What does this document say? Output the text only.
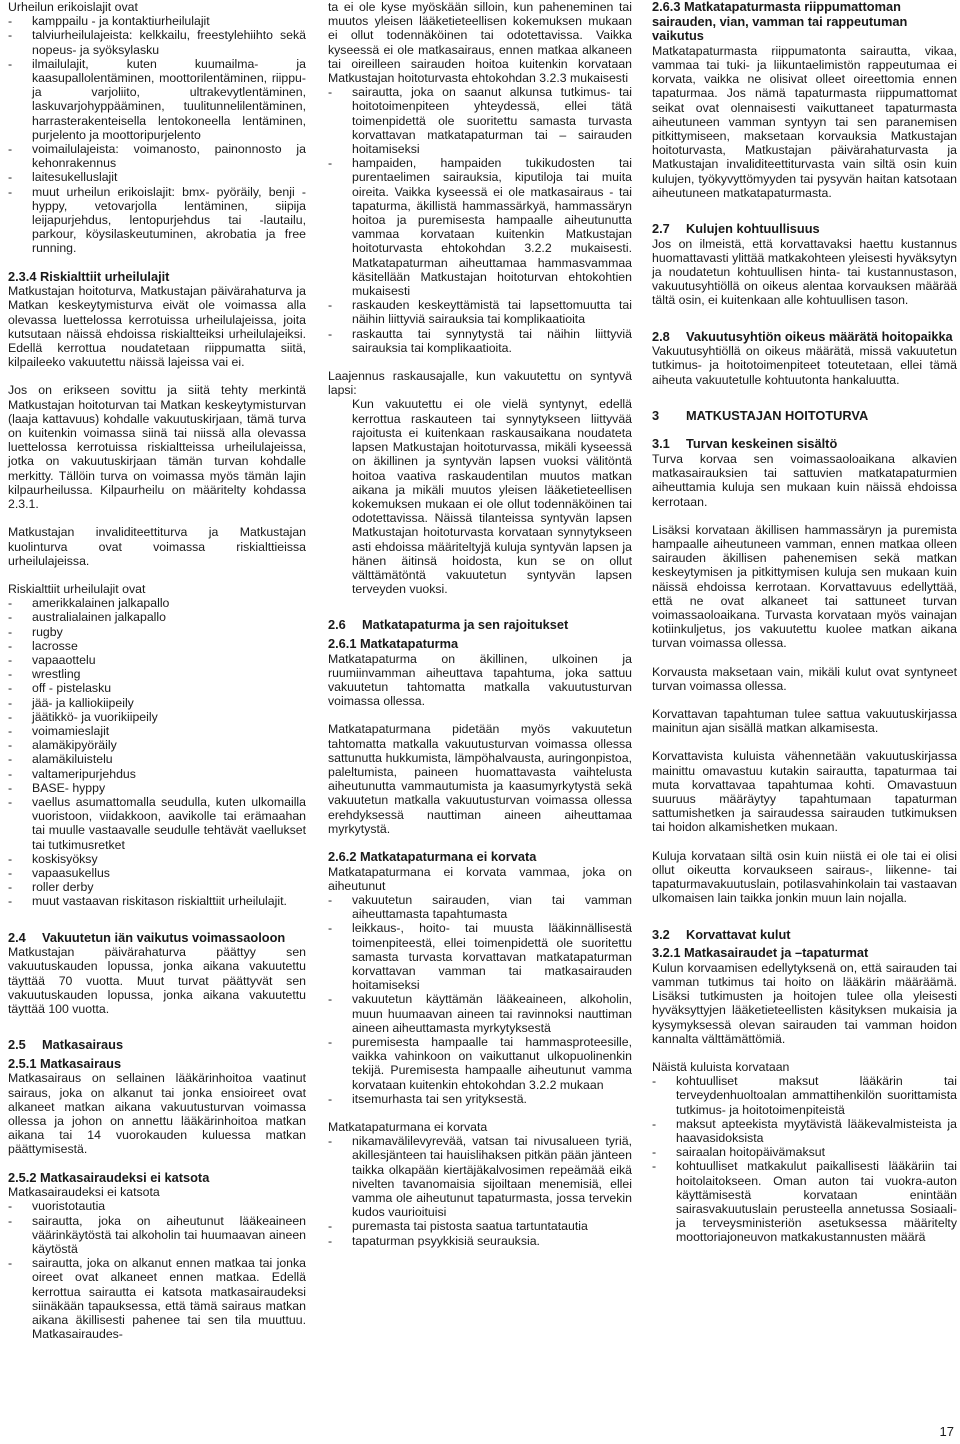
Urheilun erikoislajit ovat

- kamppailu - ja kontaktiurheilulajit
- talviurheilulajeista: kelkkailu, freestylehiihto sekä nopeus- ja syöksylasku
- ilmailulajit, kuten kuumailma- ja kaasupallolentäminen, moottorilentäminen, riippu- ja varjoliito, ultrakevytlentäminen, laskuvarjohyppääminen, tuulitunnelilentäminen, harrasterakenteisella lentokoneella lentäminen, purjelento ja moottoripurjelento
- voimailulajeista: voimanosto, painonnosto ja kehonrakennus
- laitesukelluslajit
- muut urheilun erikoislajit: bmx- pyöräily, benji -hyppy, vetovarjolla lentäminen, siipija leijapurjehdus, lentopurjehdus tai -lautailu, parkour, köysilaskeutuminen, akrobatia ja free running.
2.3.4 Riskialttiit urheilulajit

Matkustajan hoitoturva, Matkustajan päivärahaturva ja Matkan keskeytymisturva eivät ole voimassa alla olevassa luettelossa kerrotuissa urheilulajeissa, joita kutsutaan näissä ehdoissa riskialtteiksi urheilulajeiksi. Edellä kerrottua noudatetaan riippumatta siitä, kilpaileeko vakuutettu näissä lajeissa vai ei.

Jos on erikseen sovittu ja siitä tehty merkintä Matkustajan hoitoturvan tai Matkan keskeytymisturvan (laaja kattavuus) kohdalle vakuutuskirjaan, tämä turva on kuitenkin voimassa siinä tai niissä alla olevassa luettelossa kerrotuissa riskialtteissa urheilulajeissa, jotka on vakuutuskirjaan tämän turvan kohdalle merkitty. Tällöin turva on voimassa myös tämän lajin kilpaurheilussa. Kilpaurheilu on määritelty kohdassa 2.3.1.

Matkustajan invaliditeettiturva ja Matkustajan kuolinturva ovat voimassa riskialttieissa urheilulajeissa.

Riskialttiit urheilulajit ovat

- amerikkalainen jalkapallo
- australialainen jalkapallo
- rugby
- lacrosse
- vapaaottelu
- wrestling
- off - pistelasku
- jää- ja kalliokiipeily
- jäätikkö- ja vuorikiipeily
- voimamieslajit
- alamäkipyöräily
- alamäkiluistelu
- valtameripurjehdus
- BASE- hyppy
- vaellus asumattomalla seudulla, kuten ulkomailla vuoristoon, viidakkoon, aavikolle tai erämaahan tai muulle vastaavalle seudulle tehtävät vaellukset tai tutkimusretket
- koskisyöksy
- vapaasukellus
- roller derby
- muut vastaavan riskitason riskialttiit urheilulajit.
2.4	Vakuutetun iän vaikutus voimassaoloon

Matkustajan päivärahaturva päättyy sen vakuutuskauden lopussa, jonka aikana vakuutettu täyttää 70 vuotta. Muut turvat päättyvät sen vakuutuskauden lopussa, jonka aikana vakuutettu täyttää 100 vuotta.

2.5 Matkasairaus
2.5.1 Matkasairaus

Matkasairaus on sellainen lääkärinhoitoa vaatinut sairaus, joka on alkanut tai jonka ensioireet ovat alkaneet matkan aikana vakuutusturvan voimassa ollessa ja johon on annettu lääkärinhoitoa matkan aikana tai 14 vuorokauden kuluessa matkan päättymisestä.

2.5.2 Matkasairaudeksi ei katsota

Matkasairaudeksi ei katsota

- vuoristotautia
- sairautta, joka on aiheutunut lääkeaineen väärinkäytöstä tai alkoholin tai huumaavan aineen käytöstä
- sairautta, joka on alkanut ennen matkaa tai jonka oireet ovat alkaneet ennen matkaa. Edellä kerrottua sairautta ei katsota matkasairaudeksi siinäkään tapauksessa, että tämä sairaus matkan aikana äkillisesti pahenee tai sen tila muuttuu. Matkasairaudes-

ta ei ole kyse myöskään silloin, kun paheneminen tai muutos yleisen lääketieteellisen kokemuksen mukaan ei ollut todennäköinen tai odotettavissa. Vaikka kyseessä ei ole matkasairaus, ennen matkaa alkaneen tai oireilleen sairauden hoitoa kuitenkin korvataan Matkustajan hoitoturvasta ehtokohdan 3.2.3 mukaisesti

- sairautta, joka on saanut alkunsa tutkimus- tai hoitotoimenpiteen yhteydessä, ellei tätä toimenpidettä ole suoritettu samasta turvasta korvattavan matkatapaturman tai – sairauden hoitamiseksi
- hampaiden, hampaiden tukikudosten tai purentaelimen sairauksia, kiputiloja tai muita oireita. Vaikka kyseessä ei ole matkasairaus - tai tapaturma, äkillistä hammassärkyä, hammassäryn hoitoa ja puremisesta hampaalle aiheutunutta vammaa korvataan kuitenkin Matkustajan hoitoturvasta ehtokohdan 3.2.2 mukaisesti. Matkatapaturman aiheuttamaa hammasvammaa käsitellään Matkustajan hoitoturvan ehtokohtien mukaisesti
- raskauden keskeyttämistä tai lapsettomuutta tai näihin liittyviä sairauksia tai komplikaatioita
- raskautta tai synnytystä tai näihin liittyviä sairauksia tai komplikaatioita.

Laajennus raskausajalle, kun vakuutettu on syntyvä lapsi:

Kun vakuutettu ei ole vielä syntynyt, edellä kerrottua raskauteen tai synnytykseen liittyvää rajoitusta ei kuitenkaan raskausaikana noudateta lapsen Matkustajan hoitoturvassa, mikäli kyseessä on äkillinen ja syntyvän lapsen vuoksi välitöntä hoitoa vaativa raskaudentilan muutos matkan aikana ja mikäli muutos yleisen lääketieteellisen kokemuksen mukaan ei ole ollut todennäköinen tai odotettavissa. Näissä tilanteissa syntyvän lapsen Matkustajan hoitoturvasta korvataan synnytykseen asti ehdoissa määriteltyjä kuluja syntyvän lapsen ja hänen äitinsä hoidosta, kun se on ollut välttämätöntä vakuutetun syntyvän lapsen terveyden vuoksi.

2.6 Matkatapaturma ja sen rajoitukset
2.6.1 Matkatapaturma

Matkatapaturma on äkillinen, ulkoinen ja ruumiinvamman aiheuttava tapahtuma, joka sattuu vakuutetun tahtomatta matkalla vakuutusturvan voimassa ollessa.

Matkatapaturmana pidetään myös vakuutetun tahtomatta matkalla vakuutusturvan voimassa ollessa sattunutta hukkumista, lämpöhalvausta, auringonpistoa, paleltumista, paineen huomattavasta vaihtelusta aiheutunutta vammautumista ja kaasumyrkytystä sekä vakuutetun matkalla vakuutusturvan voimassa ollessa erehdyksessä nauttiman aineen aiheuttamaa myrkytystä.

2.6.2 Matkatapaturmana ei korvata

Matkatapaturmana ei korvata vammaa, joka on aiheutunut

- vakuutetun sairauden, vian tai vamman aiheuttamasta tapahtumasta
- leikkaus-, hoito- tai muusta lääkinnällisestä toimenpiteestä, ellei toimenpidettä ole suoritettu samasta turvasta korvattavan matkatapaturman korvattavan vamman tai matkasairauden hoitamiseksi
- vakuutetun käyttämän lääkeaineen, alkoholin, muun huumaavan aineen tai ravinnoksi nauttiman aineen aiheuttamasta myrkytyksestä
- puremisesta hampaalle tai hammasproteesille, vaikka vahinkoon on vaikuttanut ulkopuolinenkin tekijä. Puremisesta hampaalle aiheutunut vamma korvataan kuitenkin ehtokohdan 3.2.2 mukaan
- itsemurhasta tai sen yrityksestä.

Matkatapaturmana ei korvata

- nikamavälilevyrevää, vatsan tai nivusalueen tyriä, akillesjänteen tai hauislihaksen pitkän pään jänteen taikka olkapään kiertäjäkalvosimen repeämää eikä nivelten tavanomaisia sijoiltaan menemisiä, ellei vamma ole aiheutunut tapaturmasta, jossa tervekin kudos vaurioituisi
- puremasta tai pistosta saatua tartuntatautia
- tapaturman psyykkisiä seurauksia.
2.6.3 Matkatapaturmasta riippumattoman sairauden, vian, vamman tai rappeutuman vaikutus

Matkatapaturmasta riippumatonta sairautta, vikaa, vammaa tai tuki- ja liikuntaelimistön rappeutumaa ei korvata, vaikka ne olisivat olleet oireettomia ennen tapaturmaa. Jos nämä tapaturmasta riippumattomat seikat ovat olennaisesti vaikuttaneet tapaturmasta aiheutuneen vamman syntyyn tai sen paranemisen pitkittymiseen, maksetaan korvauksia Matkustajan hoitoturvasta, Matkustajan päivärahaturvasta ja Matkustajan invaliditeettiturvasta vain siltä osin kuin kulujen, työkyvyttömyyden tai pysyvän haitan katsotaan aiheutuneen matkatapaturmasta.

2.7 Kulujen kohtuullisuus

Jos on ilmeistä, että korvattavaksi haettu kustannus huomattavasti ylittää matkakohteen yleisesti hyväksytyn ja noudatetun kohtuullisen hinta- tai kustannustason, vakuutusyhtiöllä on oikeus alentaa korvauksen määrää tältä osin, ei kuitenkaan alle kohtuullisen tason.

2.8	Vakuutusyhtiön oikeus määrätä hoitopaikka

Vakuutusyhtiöllä on oikeus määrätä, missä vakuutetun tutkimus- ja hoitotoimenpiteet toteutetaan, ellei tämä aiheuta vakuutetulle kohtuutonta hankaluutta.

3 MATKUSTAJAN HOITOTURVA
3.1 Turvan keskeinen sisältö

Turva korvaa sen voimassaoloaikana alkavien matkasairauksien tai sattuvien matkatapaturmien aiheuttamia kuluja sen mukaan kuin näissä ehdoissa kerrotaan.

Lisäksi korvataan äkillisen hammassäryn ja puremista hampaalle aiheutuneen vamman, ennen matkaa olleen sairauden äkillisen pahenemisen sekä matkan keskeytymisen ja pitkittymisen kuluja sen mukaan kuin näissä ehdoissa kerrotaan. Korvattavuus edellyttää, että ne ovat alkaneet tai sattuneet turvan voimassaoloaikana. Turvasta korvataan myös vainajan kotiinkuljetus, jos vakuutettu kuolee matkan aikana turvan voimassa ollessa.

Korvausta maksetaan vain, mikäli kulut ovat syntyneet turvan voimassa ollessa.

Korvattavan tapahtuman tulee sattua vakuutuskirjassa mainitun ajan sisällä matkan alkamisesta.

Korvattavista kuluista vähennetään vakuutuskirjassa mainittu omavastuu kutakin sairautta, tapaturmaa tai muta korvattavaa tapahtumaa kohti. Omavastuun suuruus määräytyy tapahtumaan tapaturman sattumishetken ja sairaudessa sairauden tutkimuksen tai hoidon alkamishetken mukaan.

Kuluja korvataan siltä osin kuin niistä ei ole tai ei olisi ollut oikeutta korvaukseen sairaus-, liikenne- tai tapaturmavakuutuslain, potilasvahinkolain tai vastaavan ulkomaisen lain taikka jonkin muun lain nojalla.

3.2 Korvattavat kulut
3.2.1 Matkasairaudet ja –tapaturmat

Kulun korvaamisen edellytyksenä on, että sairauden tai vamman tutkimus tai hoito on lääkärin määräämä. Lisäksi tutkimusten ja hoitojen tulee olla yleisesti hyväksyttyjen lääketieteellisten käsityksen mukaisia ja kysymyksessä olevan sairauden tai vamman hoidon kannalta välttämättömiä.

Näistä kuluista korvataan

- kohtuulliset maksut lääkärin tai terveydenhuoltoalan ammattihenkilön suorittamista tutkimus- ja hoitotoimenpiteistä
- maksut apteekista myytävistä lääkevalmisteista ja haavasidoksista
- sairaalan hoitopäivämaksut
- kohtuulliset matkakulut paikallisesti lääkäriin tai hoitolaitokseen. Oman auton tai vuokra-auton käyttämisestä korvataan enintään sairasvakuutuslain perusteella annetussa Sosiaali- ja terveysministeriön asetuksessa määritelty moottoriajoneuvon matkakustannusten määrä
17
